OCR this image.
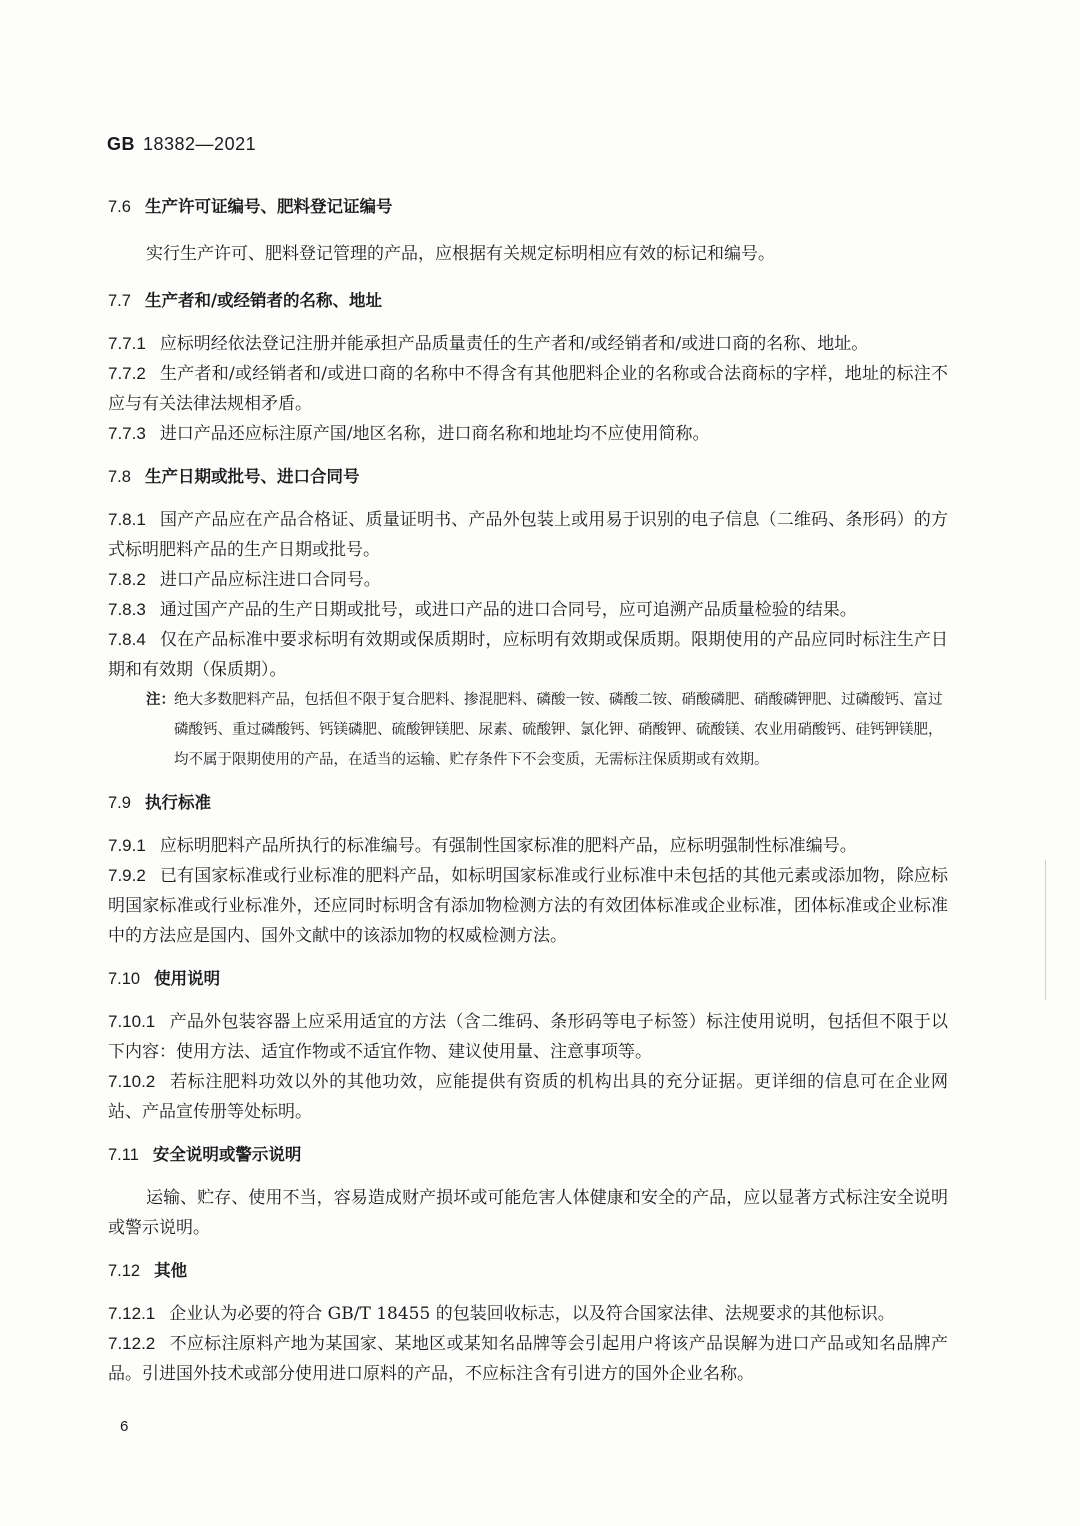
GB 18382—2021

7.6 生产许可证编号、肥料登记证编号

实行生产许可、肥料登记管理的产品，应根据有关规定标明相应有效的标记和编号。

7.7 生产者和/或经销者的名称、地址

7.7.1 应标明经依法登记注册并能承担产品质量责任的生产者和/或经销者和/或进口商的名称、地址。

7.7.2 生产者和/或经销者和/或进口商的名称中不得含有其他肥料企业的名称或合法商标的字样，地址的标注不应与有关法律法规相矛盾。

7.7.3 进口产品还应标注原产国/地区名称，进口商名称和地址均不应使用简称。

7.8 生产日期或批号、进口合同号

7.8.1 国产产品应在产品合格证、质量证明书、产品外包装上或用易于识别的电子信息（二维码、条形码）的方式标明肥料产品的生产日期或批号。

7.8.2 进口产品应标注进口合同号。

7.8.3 通过国产产品的生产日期或批号，或进口产品的进口合同号，应可追溯产品质量检验的结果。

7.8.4 仅在产品标准中要求标明有效期或保质期时，应标明有效期或保质期。限期使用的产品应同时标注生产日期和有效期（保质期）。

注： 绝大多数肥料产品，包括但不限于复合肥料、掺混肥料、磷酸一铵、磷酸二铵、硝酸磷肥、硝酸磷钾肥、过磷酸钙、富过磷酸钙、重过磷酸钙、钙镁磷肥、硫酸钾镁肥、尿素、硫酸钾、氯化钾、硝酸钾、硫酸镁、农业用硝酸钙、硅钙钾镁肥，均不属于限期使用的产品，在适当的运输、贮存条件下不会变质，无需标注保质期或有效期。

7.9 执行标准

7.9.1 应标明肥料产品所执行的标准编号。有强制性国家标准的肥料产品，应标明强制性标准编号。

7.9.2 已有国家标准或行业标准的肥料产品，如标明国家标准或行业标准中未包括的其他元素或添加物，除应标明国家标准或行业标准外，还应同时标明含有添加物检测方法的有效团体标准或企业标准，团体标准或企业标准中的方法应是国内、国外文献中的该添加物的权威检测方法。

7.10 使用说明

7.10.1 产品外包装容器上应采用适宜的方法（含二维码、条形码等电子标签）标注使用说明，包括但不限于以下内容：使用方法、适宜作物或不适宜作物、建议使用量、注意事项等。

7.10.2 若标注肥料功效以外的其他功效，应能提供有资质的机构出具的充分证据。更详细的信息可在企业网站、产品宣传册等处标明。

7.11 安全说明或警示说明

运输、贮存、使用不当，容易造成财产损坏或可能危害人体健康和安全的产品，应以显著方式标注安全说明或警示说明。

7.12 其他

7.12.1 企业认为必要的符合 GB/T 18455 的包装回收标志，以及符合国家法律、法规要求的其他标识。

7.12.2 不应标注原料产地为某国家、某地区或某知名品牌等会引起用户将该产品误解为进口产品或知名品牌产品。引进国外技术或部分使用进口原料的产品，不应标注含有引进方的国外企业名称。

6
